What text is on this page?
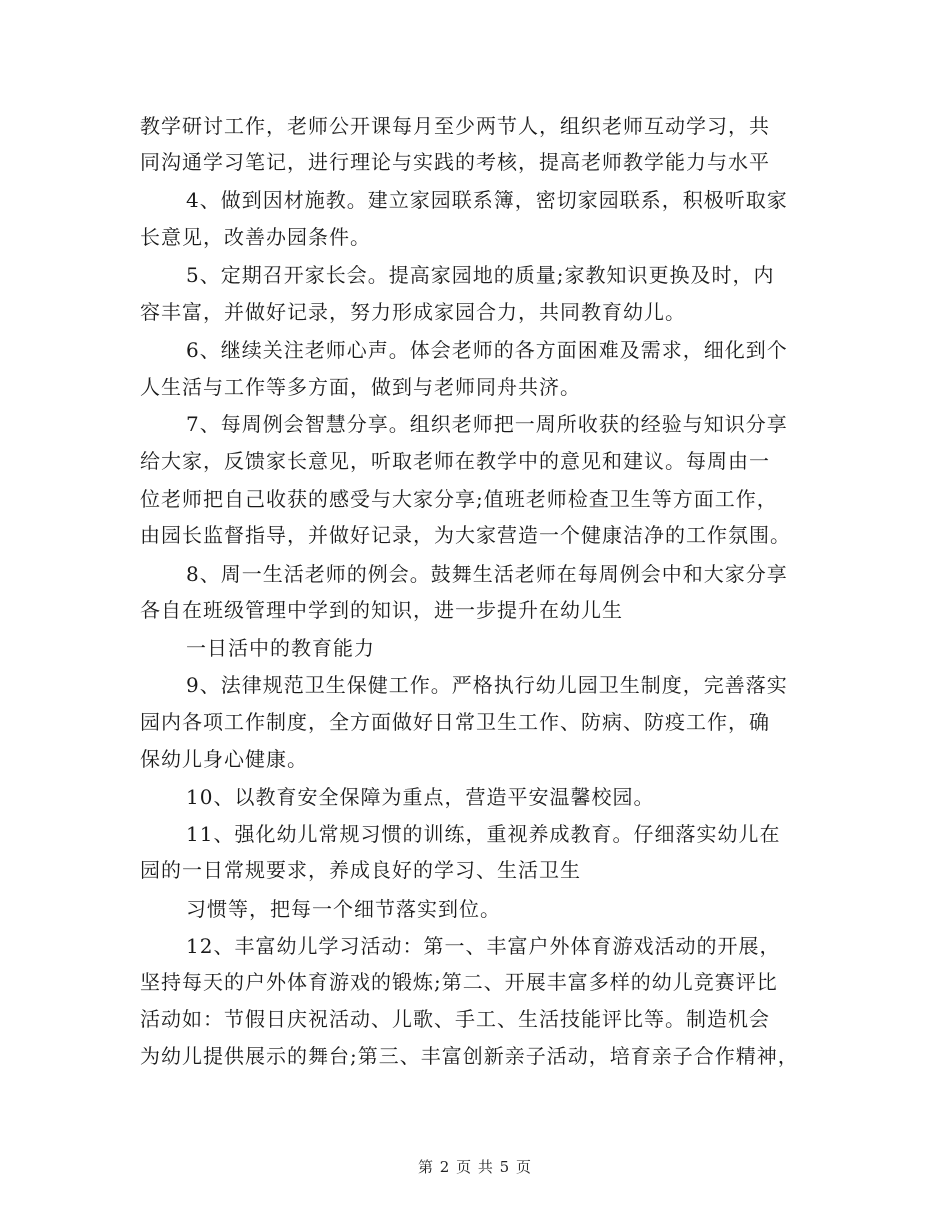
教学研讨工作，老师公开课每月至少两节人，组织老师互动学习，共
同沟通学习笔记，进行理论与实践的考核，提高老师教学能力与水平
4、做到因材施教。建立家园联系簿，密切家园联系，积极听取家
长意见，改善办园条件。
5、定期召开家长会。提高家园地的质量;家教知识更换及时，内
容丰富，并做好记录，努力形成家园合力，共同教育幼儿。
6、继续关注老师心声。体会老师的各方面困难及需求，细化到个
人生活与工作等多方面，做到与老师同舟共济。
7、每周例会智慧分享。组织老师把一周所收获的经验与知识分享
给大家，反馈家长意见，听取老师在教学中的意见和建议。每周由一
位老师把自己收获的感受与大家分享;值班老师检查卫生等方面工作，
由园长监督指导，并做好记录，为大家营造一个健康洁净的工作氛围。
8、周一生活老师的例会。鼓舞生活老师在每周例会中和大家分享
各自在班级管理中学到的知识，进一步提升在幼儿生
一日活中的教育能力
9、法律规范卫生保健工作。严格执行幼儿园卫生制度，完善落实
园内各项工作制度，全方面做好日常卫生工作、防病、防疫工作，确
保幼儿身心健康。
10、以教育安全保障为重点，营造平安温馨校园。
11、强化幼儿常规习惯的训练，重视养成教育。仔细落实幼儿在
园的一日常规要求，养成良好的学习、生活卫生
习惯等，把每一个细节落实到位。
12、丰富幼儿学习活动：第一、丰富户外体育游戏活动的开展，
坚持每天的户外体育游戏的锻炼;第二、开展丰富多样的幼儿竞赛评比
活动如：节假日庆祝活动、儿歌、手工、生活技能评比等。制造机会
为幼儿提供展示的舞台;第三、丰富创新亲子活动，培育亲子合作精神，
第 2 页 共 5 页
